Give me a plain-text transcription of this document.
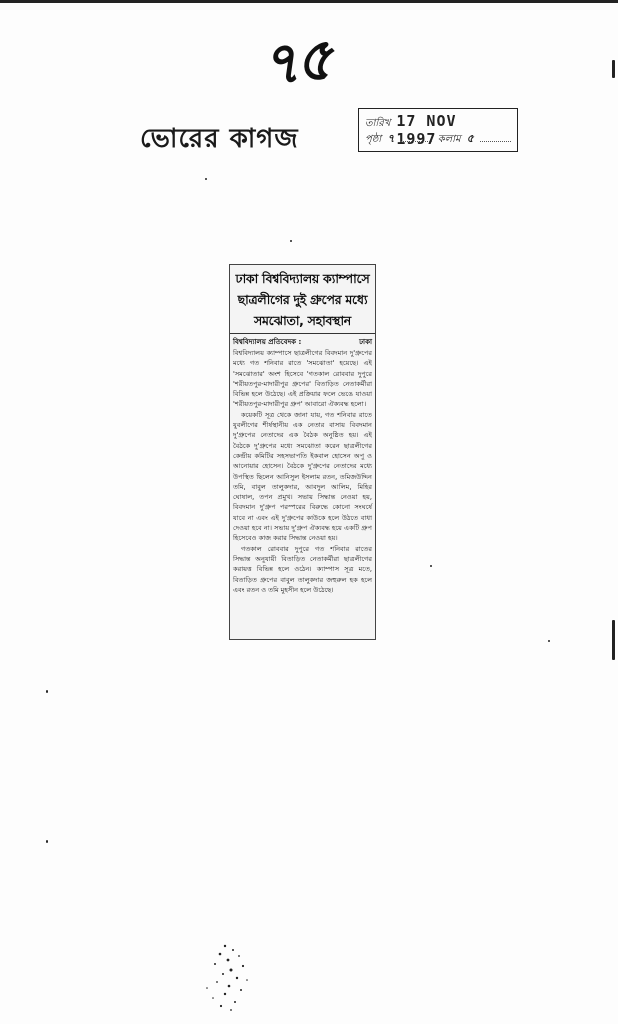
৭৫
ভোরের কাগজ
তারিখ 17 NOV 1997
পৃষ্ঠা ৭	কলাম ৫
ঢাকা বিশ্ববিদ্যালয় ক্যাম্পাসে
ছাত্রলীগের দুই গ্রুপের মধ্যে
সমঝোতা, সহাবস্থান
বিশ্ববিদ্যালয় প্রতিবেদক :	ঢাকা

বিশ্ববিদ্যালয় ক্যাম্পাসে ছাত্রলীগের বিবদমান দু'গ্রুপের মধ্যে গত শনিবার রাতে 'সমঝোতা' হয়েছে। এই 'সমঝোতার' অংশ হিসেবে 'গতকাল রোববার দুপুরে 'শরীয়তপুর-মাদারীপুর গ্রুপের' বিতাড়িত নেতাকর্মীরা বিভিন্ন হলে উঠেছে। এই প্রক্রিয়ার ফলে ভেঙে যাওয়া 'শরীয়তপুর-মাদারীপুর গ্রুপ' আবারো ঐক্যবদ্ধ হলো।

কয়েকটি সূত্র থেকে জানা যায়, গত শনিবার রাতে যুবলীগের শীর্ষস্থানীয় এক নেতার বাসায় বিবদমান দু'গ্রুপের নেতাদের এক বৈঠক অনুষ্ঠিত হয়। এই বৈঠকে দু'গ্রুপের মধ্যে সমঝোতা করেন ছাত্রলীগের কেন্দ্রীয় কমিটির সহসভাপতি ইকবাল হোসেন অপু ও আনোয়ার হোসেন। বৈঠকে দু'গ্রুপের নেতাদের মধ্যে উপস্থিত ছিলেন আনিসুল ইসলাম রতন, তমিজউদ্দিন তমি, বাবুল তালুকদার, আবদুল আলিম, মিহির ঘোষাল, তপন প্রমুখ। সভায় সিদ্ধান্ত নেওয়া হয়, বিবদমান দু'গ্রুপ পরস্পরের বিরুদ্ধে কোনো সংঘর্ষে যাবে না এবং এই দু'গ্রুপের কাউকে হলে উঠতে বাধা দেওয়া হবে না। সভায় দু'গ্রুপ ঐক্যবদ্ধ হয়ে একটি গ্রুপ হিসেবেও কাজ করার সিদ্ধান্ত নেওয়া হয়।

গতকাল রোববার দুপুরে গত শনিবার রাতের সিদ্ধান্ত অনুযায়ী বিতাড়িত নেতাকর্মীরা ছাত্রলীগের করায়ত্ত বিভিন্ন হলে ওঠেন। ক্যাম্পাস সূত্র মতে, বিতাড়িত গ্রুপের বাবুল তালুকদার জহুরুল হক হলে এবং রতন ও তমি মুহসীন হলে উঠেছে।
